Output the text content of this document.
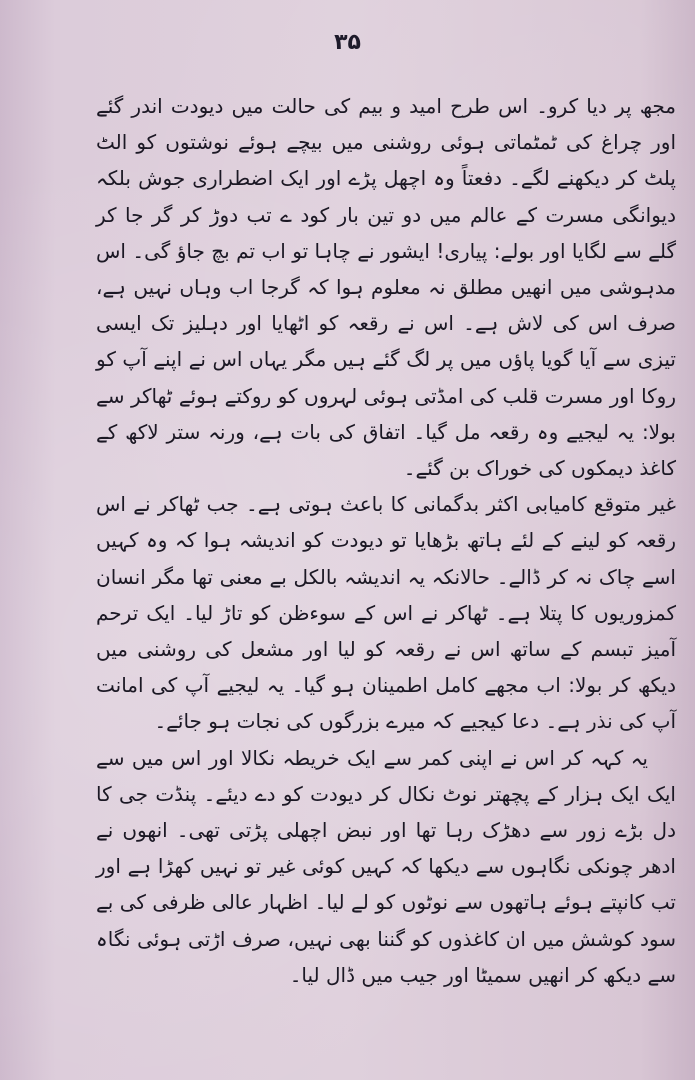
۳۵

مجھ پر دیا کرو۔ اس طرح امید و بیم کی حالت میں دیودت اندر گئے اور چراغ کی ٹمٹماتی ہوئی روشنی میں بیچے ہوئے نوشتوں کو الٹ پلٹ کر دیکھنے لگے۔ دفعتاً وہ اچھل پڑے اور ایک اضطراری جوش بلکہ دیوانگی مسرت کے عالم میں دو تین بار کود ے تب دوڑ کر گر جا کر گلے سے لگایا اور بولے: پیاری! ایشور نے چاہا تو اب تم بچ جاؤ گی۔ اس مدہوشی میں انھیں مطلق نہ معلوم ہوا کہ گرجا اب وہاں نہیں ہے، صرف اس کی لاش ہے۔ اس نے رقعہ کو اٹھایا اور دہلیز تک ایسی تیزی سے آیا گویا پاؤں میں پر لگ گئے ہیں مگر یہاں اس نے اپنے آپ کو روکا اور مسرت قلب کی امڈتی ہوئی لہروں کو روکتے ہوئے ٹھاکر سے بولا: یہ لیجیے وہ رقعہ مل گیا۔ اتفاق کی بات ہے، ورنہ ستر لاکھ کے کاغذ دیمکوں کی خوراک بن گئے۔

غیر متوقع کامیابی اکثر بدگمانی کا باعث ہوتی ہے۔ جب ٹھاکر نے اس رقعہ کو لینے کے لئے ہاتھ بڑھایا تو دیودت کو اندیشہ ہوا کہ وہ کہیں اسے چاک نہ کر ڈالے۔ حالانکہ یہ اندیشہ بالکل بے معنی تھا مگر انسان کمزوریوں کا پتلا ہے۔ ٹھاکر نے اس کے سوءظن کو تاڑ لیا۔ ایک ترحم آمیز تبسم کے ساتھ اس نے رقعہ کو لیا اور مشعل کی روشنی میں دیکھ کر بولا: اب مجھے کامل اطمینان ہو گیا۔ یہ لیجیے آپ کی امانت آپ کی نذر ہے۔ دعا کیجیے کہ میرے بزرگوں کی نجات ہو جائے۔

یہ کہہ کر اس نے اپنی کمر سے ایک خریطہ نکالا اور اس میں سے ایک ایک ہزار کے پچھتر نوٹ نکال کر دیودت کو دے دیئے۔ پنڈت جی کا دل بڑے زور سے دھڑک رہا تھا اور نبض اچھلی پڑتی تھی۔ انھوں نے ادھر چونکی نگاہوں سے دیکھا کہ کہیں کوئی غیر تو نہیں کھڑا ہے اور تب کانپتے ہوئے ہاتھوں سے نوٹوں کو لے لیا۔ اظہار عالی ظرفی کی بے سود کوشش میں ان کاغذوں کو گننا بھی نہیں، صرف اڑتی ہوئی نگاہ سے دیکھ کر انھیں سمیٹا اور جیب میں ڈال لیا۔
